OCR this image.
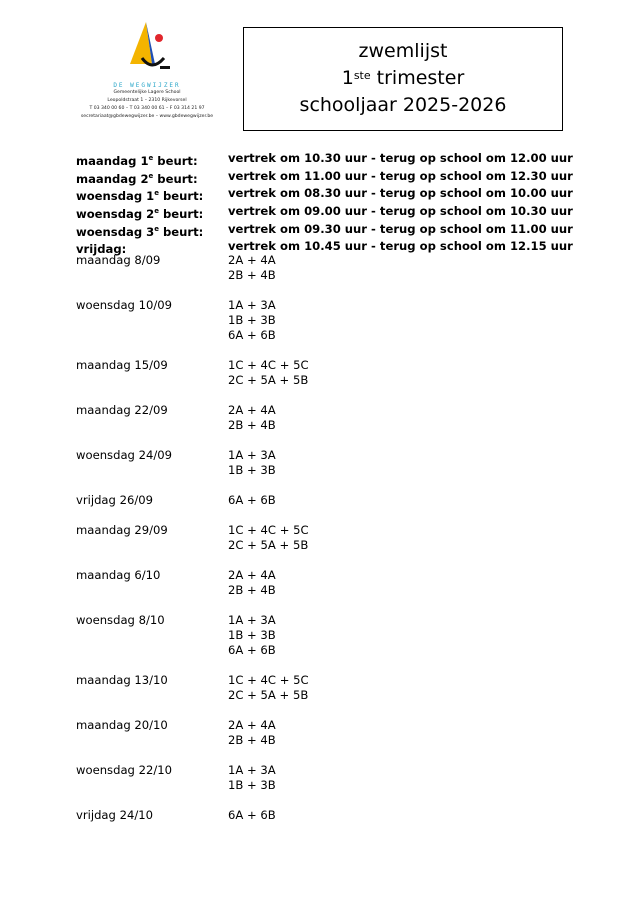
DE WEGWIJZER
Gemeentelijke Lagere School
Leopoldstraat 1 – 2310 Rijkevorsel
T 03 340 00 60 – T 03 340 00 61 – F 03 314 21 97
secretariaat@gbdewegwijzer.be – www.gbdewegwijzer.be
zwemlijst
1ste trimester
schooljaar 2025-2026
maandag 1e beurt:	vertrek om 10.30 uur - terug op school om 12.00 uur
maandag 2e beurt:	vertrek om 11.00 uur - terug op school om 12.30 uur
woensdag 1e beurt:	vertrek om 08.30 uur - terug op school om 10.00 uur
woensdag 2e beurt:	vertrek om 09.00 uur - terug op school om 10.30 uur
woensdag 3e beurt:	vertrek om 09.30 uur - terug op school om 11.00 uur
vrijdag:	vertrek om 10.45 uur - terug op school om 12.15 uur
maandag 8/09	2A + 4A
2B + 4B
woensdag 10/09	1A + 3A
1B + 3B
6A + 6B
maandag 15/09	1C + 4C + 5C
2C + 5A + 5B
maandag 22/09	2A + 4A
2B + 4B
woensdag 24/09	1A + 3A
1B + 3B
vrijdag 26/09	6A + 6B
maandag 29/09	1C + 4C + 5C
2C + 5A + 5B
maandag 6/10	2A + 4A
2B + 4B
woensdag 8/10	1A + 3A
1B + 3B
6A + 6B
maandag 13/10	1C + 4C + 5C
2C + 5A + 5B
maandag 20/10	2A + 4A
2B + 4B
woensdag 22/10	1A + 3A
1B + 3B
vrijdag 24/10	6A + 6B
